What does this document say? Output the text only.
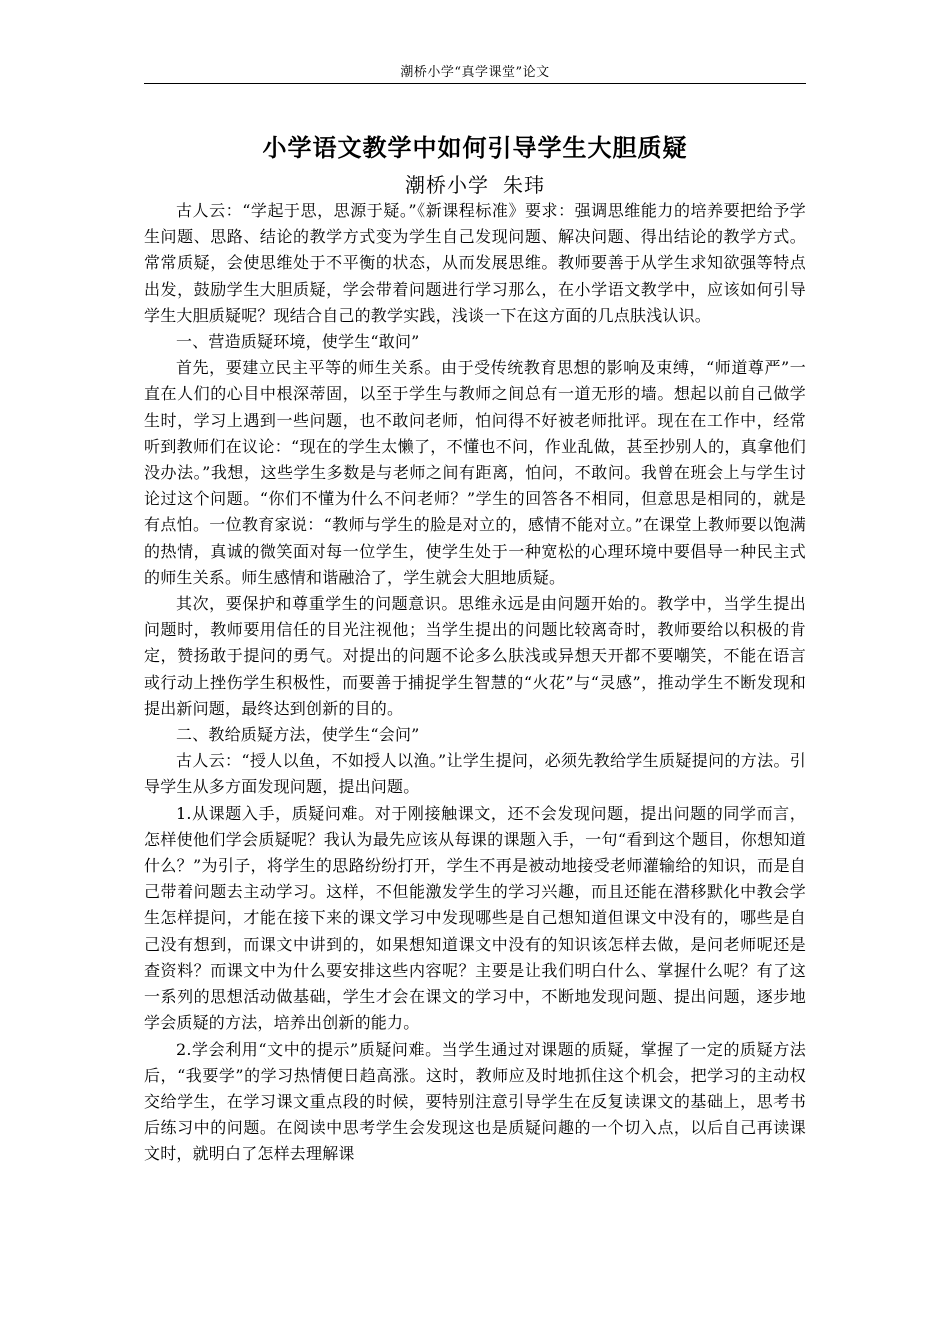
潮桥小学“真学课堂”论文
小学语文教学中如何引导学生大胆质疑
潮桥小学 朱玮

古人云：“学起于思，思源于疑。”《新课程标准》要求：强调思维能力的培养要把给予学生问题、思路、结论的教学方式变为学生自己发现问题、解决问题、得出结论的教学方式。常常质疑，会使思维处于不平衡的状态，从而发展思维。教师要善于从学生求知欲强等特点出发，鼓励学生大胆质疑，学会带着问题进行学习那么，在小学语文教学中，应该如何引导学生大胆质疑呢？现结合自己的教学实践，浅谈一下在这方面的几点肤浅认识。

一、营造质疑环境，使学生“敢问”

首先，要建立民主平等的师生关系。由于受传统教育思想的影响及束缚，“师道尊严”一直在人们的心目中根深蒂固，以至于学生与教师之间总有一道无形的墙。想起以前自己做学生时，学习上遇到一些问题，也不敢问老师，怕问得不好被老师批评。现在在工作中，经常听到教师们在议论：“现在的学生太懒了，不懂也不问，作业乱做，甚至抄别人的，真拿他们没办法。”我想，这些学生多数是与老师之间有距离，怕问，不敢问。我曾在班会上与学生讨论过这个问题。“你们不懂为什么不问老师？”学生的回答各不相同，但意思是相同的，就是有点怕。一位教育家说：“教师与学生的脸是对立的，感情不能对立。”在课堂上教师要以饱满的热情，真诚的微笑面对每一位学生，使学生处于一种宽松的心理环境中要倡导一种民主式的师生关系。师生感情和谐融洽了，学生就会大胆地质疑。

其次，要保护和尊重学生的问题意识。思维永远是由问题开始的。教学中，当学生提出问题时，教师要用信任的目光注视他；当学生提出的问题比较离奇时，教师要给以积极的肯定，赞扬敢于提问的勇气。对提出的问题不论多么肤浅或异想天开都不要嘲笑，不能在语言或行动上挫伤学生积极性，而要善于捕捉学生智慧的“火花”与“灵感”，推动学生不断发现和提出新问题，最终达到创新的目的。

二、教给质疑方法，使学生“会问”

古人云：“授人以鱼，不如授人以渔。”让学生提问，必须先教给学生质疑提问的方法。引导学生从多方面发现问题，提出问题。

1.从课题入手，质疑问难。对于刚接触课文，还不会发现问题，提出问题的同学而言，怎样使他们学会质疑呢？我认为最先应该从每课的课题入手，一句“看到这个题目，你想知道什么？”为引子，将学生的思路纷纷打开，学生不再是被动地接受老师灌输给的知识，而是自己带着问题去主动学习。这样，不但能激发学生的学习兴趣，而且还能在潜移默化中教会学生怎样提问，才能在接下来的课文学习中发现哪些是自己想知道但课文中没有的，哪些是自己没有想到，而课文中讲到的，如果想知道课文中没有的知识该怎样去做，是问老师呢还是查资料？而课文中为什么要安排这些内容呢？主要是让我们明白什么、掌握什么呢？有了这一系列的思想活动做基础，学生才会在课文的学习中，不断地发现问题、提出问题，逐步地学会质疑的方法，培养出创新的能力。

2.学会利用“文中的提示”质疑问难。当学生通过对课题的质疑，掌握了一定的质疑方法后，“我要学”的学习热情便日趋高涨。这时，教师应及时地抓住这个机会，把学习的主动权交给学生，在学习课文重点段的时候，要特别注意引导学生在反复读课文的基础上，思考书后练习中的问题。在阅读中思考学生会发现这也是质疑问趣的一个切入点，以后自己再读课文时，就明白了怎样去理解课
